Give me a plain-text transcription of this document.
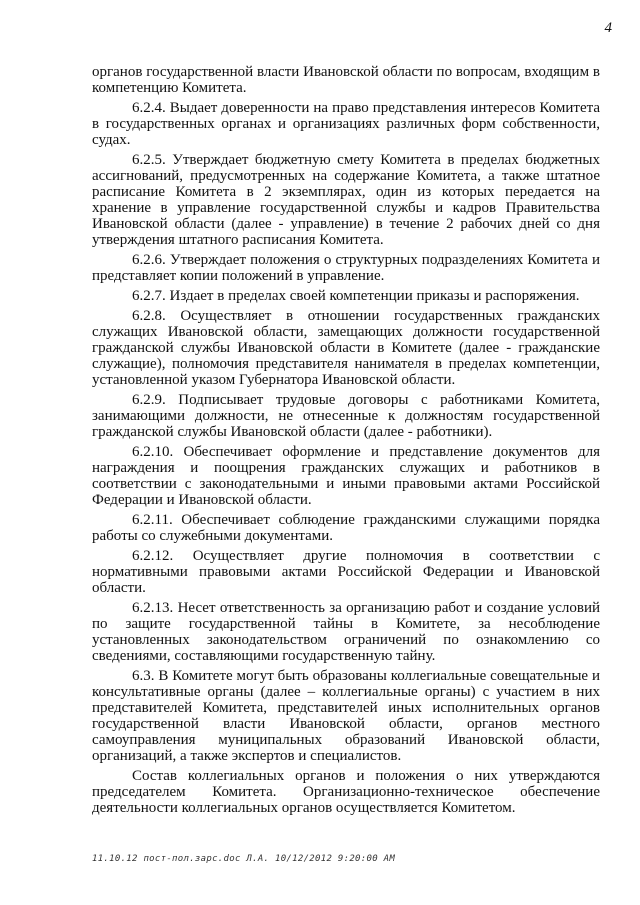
4

органов государственной власти Ивановской области по вопросам, входящим в компетенцию Комитета.

6.2.4. Выдает доверенности на право представления интересов Комитета в государственных органах и организациях различных форм собственности, судах.

6.2.5. Утверждает бюджетную смету Комитета в пределах бюджетных ассигнований, предусмотренных на содержание Комитета, а также штатное расписание Комитета в 2 экземплярах, один из которых передается на хранение в управление государственной службы и кадров Правительства Ивановской области (далее - управление) в течение 2 рабочих дней со дня утверждения штатного расписания Комитета.

6.2.6. Утверждает положения о структурных подразделениях Комитета и представляет копии положений в управление.

6.2.7. Издает в пределах своей компетенции приказы и распоряжения.

6.2.8. Осуществляет в отношении государственных гражданских служащих Ивановской области, замещающих должности государственной гражданской службы Ивановской области в Комитете (далее - гражданские служащие), полномочия представителя нанимателя в пределах компетенции, установленной указом Губернатора Ивановской области.

6.2.9. Подписывает трудовые договоры с работниками Комитета, занимающими должности, не отнесенные к должностям государственной гражданской службы Ивановской области (далее - работники).

6.2.10. Обеспечивает оформление и представление документов для награждения и поощрения гражданских служащих и работников в соответствии с законодательными и иными правовыми актами Российской Федерации и Ивановской области.

6.2.11. Обеспечивает соблюдение гражданскими служащими порядка работы со служебными документами.

6.2.12. Осуществляет другие полномочия в соответствии с нормативными правовыми актами Российской Федерации и Ивановской области.

6.2.13. Несет ответственность за организацию работ и создание условий по защите государственной тайны в Комитете, за несоблюдение установленных законодательством ограничений по ознакомлению со сведениями, составляющими государственную тайну.

6.3. В Комитете могут быть образованы коллегиальные совещательные и консультативные органы (далее – коллегиальные органы) с участием в них представителей Комитета, представителей иных исполнительных органов государственной власти Ивановской области, органов местного самоуправления муниципальных образований Ивановской области, организаций, а также экспертов и специалистов.

Состав коллегиальных органов и положения о них утверждаются председателем Комитета. Организационно-техническое обеспечение деятельности коллегиальных органов осуществляется Комитетом.

11.10.12 пост-пол.зарс.doc Л.А. 10/12/2012 9:20:00 AM
